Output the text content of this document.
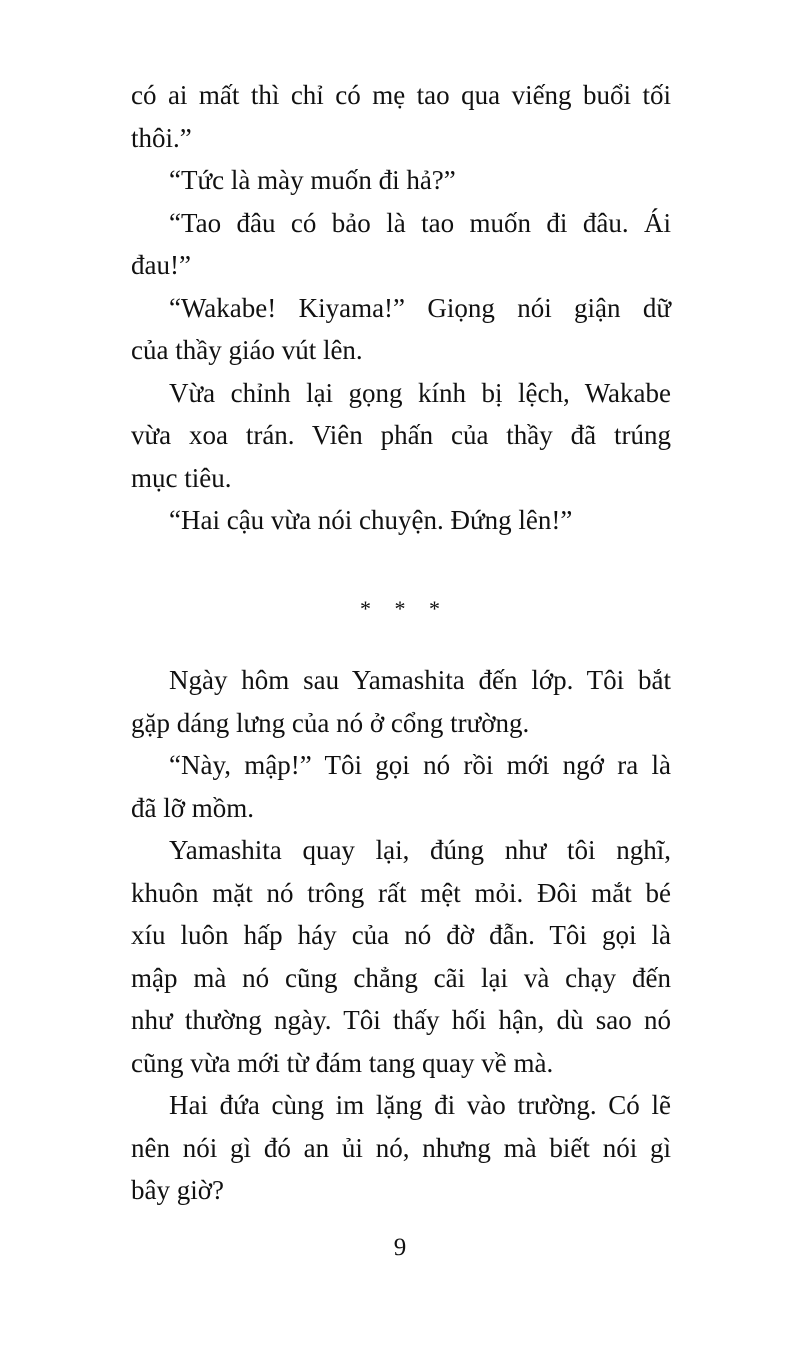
có ai mất thì chỉ có mẹ tao qua viếng buổi tối
thôi.”
“Tức là mày muốn đi hả?”
“Tao đâu có bảo là tao muốn đi đâu. Ái
đau!”
“Wakabe! Kiyama!” Giọng nói giận dữ
của thầy giáo vút lên.
Vừa chỉnh lại gọng kính bị lệch, Wakabe
vừa xoa trán. Viên phấn của thầy đã trúng
mục tiêu.
“Hai cậu vừa nói chuyện. Đứng lên!”
* * *
Ngày hôm sau Yamashita đến lớp. Tôi bắt
gặp dáng lưng của nó ở cổng trường.
“Này, mập!” Tôi gọi nó rồi mới ngớ ra là
đã lỡ mồm.
Yamashita quay lại, đúng như tôi nghĩ,
khuôn mặt nó trông rất mệt mỏi. Đôi mắt bé
xíu luôn hấp háy của nó đờ đẫn. Tôi gọi là
mập mà nó cũng chẳng cãi lại và chạy đến
như thường ngày. Tôi thấy hối hận, dù sao nó
cũng vừa mới từ đám tang quay về mà.
Hai đứa cùng im lặng đi vào trường. Có lẽ
nên nói gì đó an ủi nó, nhưng mà biết nói gì
bây giờ?
9
